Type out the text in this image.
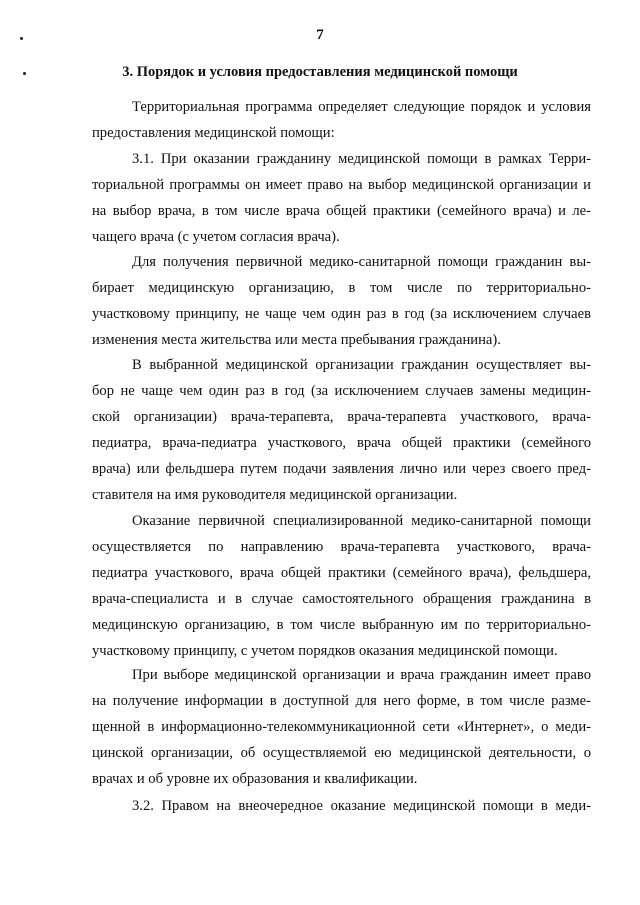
7
3. Порядок и условия предоставления медицинской помощи
Территориальная программа определяет следующие порядок и условия
предоставления медицинской помощи:
3.1. При оказании гражданину медицинской помощи в рамках Терри-
ториальной программы он имеет право на выбор медицинской организации и
на выбор врача, в том числе врача общей практики (семейного врача) и ле-
чащего врача (с учетом согласия врача).
Для получения первичной медико-санитарной помощи гражданин вы-
бирает медицинскую организацию, в том числе по территориально-
участковому принципу, не чаще чем один раз в год (за исключением случаев
изменения места жительства или места пребывания гражданина).
В выбранной медицинской организации гражданин осуществляет вы-
бор не чаще чем один раз в год (за исключением случаев замены медицин-
ской организации) врача-терапевта, врача-терапевта участкового, врача-
педиатра, врача-педиатра участкового, врача общей практики (семейного
врача) или фельдшера путем подачи заявления лично или через своего пред-
ставителя на имя руководителя медицинской организации.
Оказание первичной специализированной медико-санитарной помощи
осуществляется по направлению врача-терапевта участкового, врача-
педиатра участкового, врача общей практики (семейного врача), фельдшера,
врача-специалиста и в случае самостоятельного обращения гражданина в
медицинскую организацию, в том числе выбранную им по территориально-
участковому принципу, с учетом порядков оказания медицинской помощи.
При выборе медицинской организации и врача гражданин имеет право
на получение информации в доступной для него форме, в том числе разме-
щенной в информационно-телекоммуникационной сети «Интернет», о меди-
цинской организации, об осуществляемой ею медицинской деятельности, о
врачах и об уровне их образования и квалификации.
3.2. Правом на внеочередное оказание медицинской помощи в меди-
